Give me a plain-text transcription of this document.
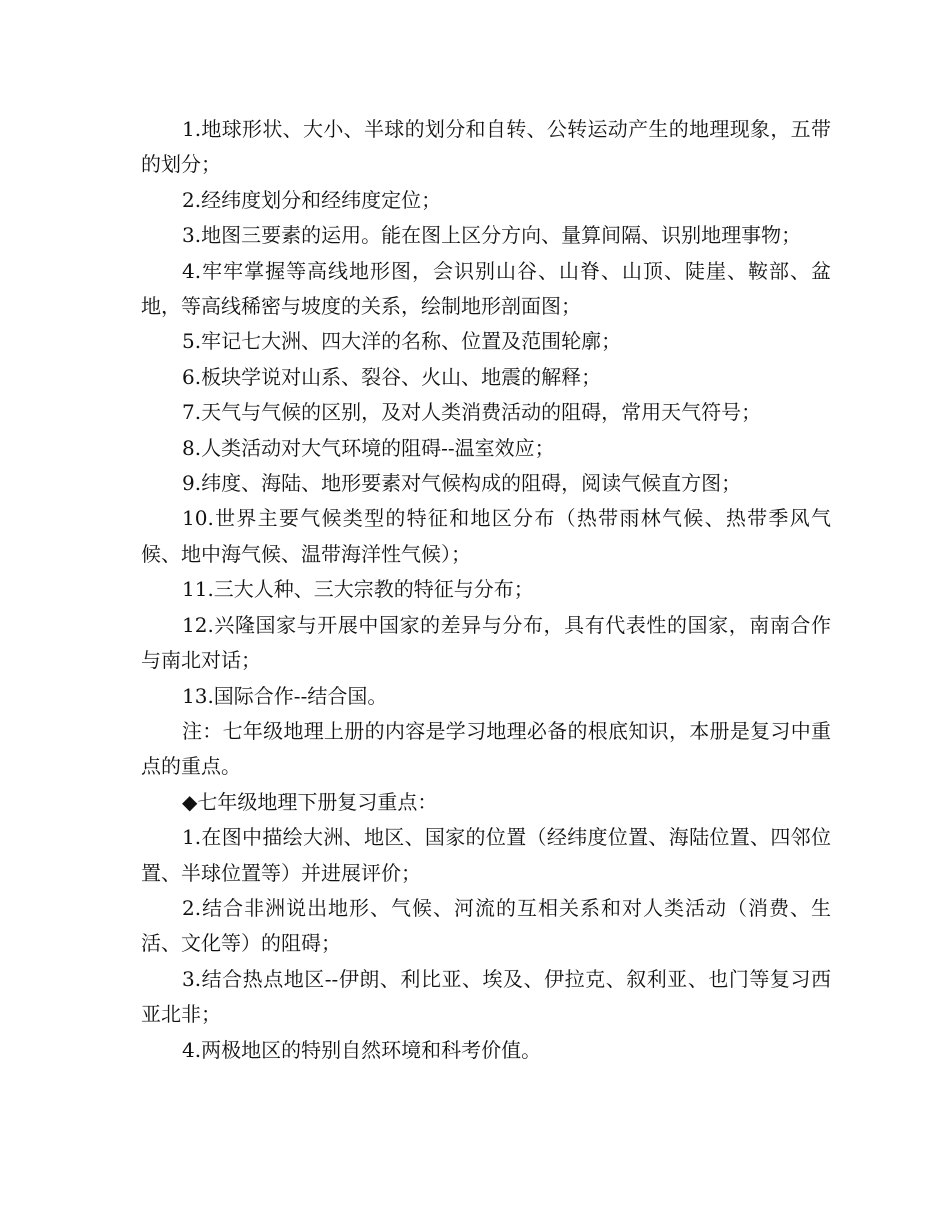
1.地球形状、大小、半球的划分和自转、公转运动产生的地理现象，五带的划分；

2.经纬度划分和经纬度定位；

3.地图三要素的运用。能在图上区分方向、量算间隔、识别地理事物；

4.牢牢掌握等高线地形图，会识别山谷、山脊、山顶、陡崖、鞍部、盆地，等高线稀密与坡度的关系，绘制地形剖面图；

5.牢记七大洲、四大洋的名称、位置及范围轮廓；

6.板块学说对山系、裂谷、火山、地震的解释；

7.天气与气候的区别，及对人类消费活动的阻碍，常用天气符号；

8.人类活动对大气环境的阻碍--温室效应；

9.纬度、海陆、地形要素对气候构成的阻碍，阅读气候直方图；

10.世界主要气候类型的特征和地区分布（热带雨林气候、热带季风气候、地中海气候、温带海洋性气候）；

11.三大人种、三大宗教的特征与分布；

12.兴隆国家与开展中国家的差异与分布，具有代表性的国家，南南合作与南北对话；

13.国际合作--结合国。

注：七年级地理上册的内容是学习地理必备的根底知识，本册是复习中重点的重点。

◆七年级地理下册复习重点：

1.在图中描绘大洲、地区、国家的位置（经纬度位置、海陆位置、四邻位置、半球位置等）并进展评价；

2.结合非洲说出地形、气候、河流的互相关系和对人类活动（消费、生活、文化等）的阻碍；

3.结合热点地区--伊朗、利比亚、埃及、伊拉克、叙利亚、也门等复习西亚北非；

4.两极地区的特别自然环境和科考价值。
